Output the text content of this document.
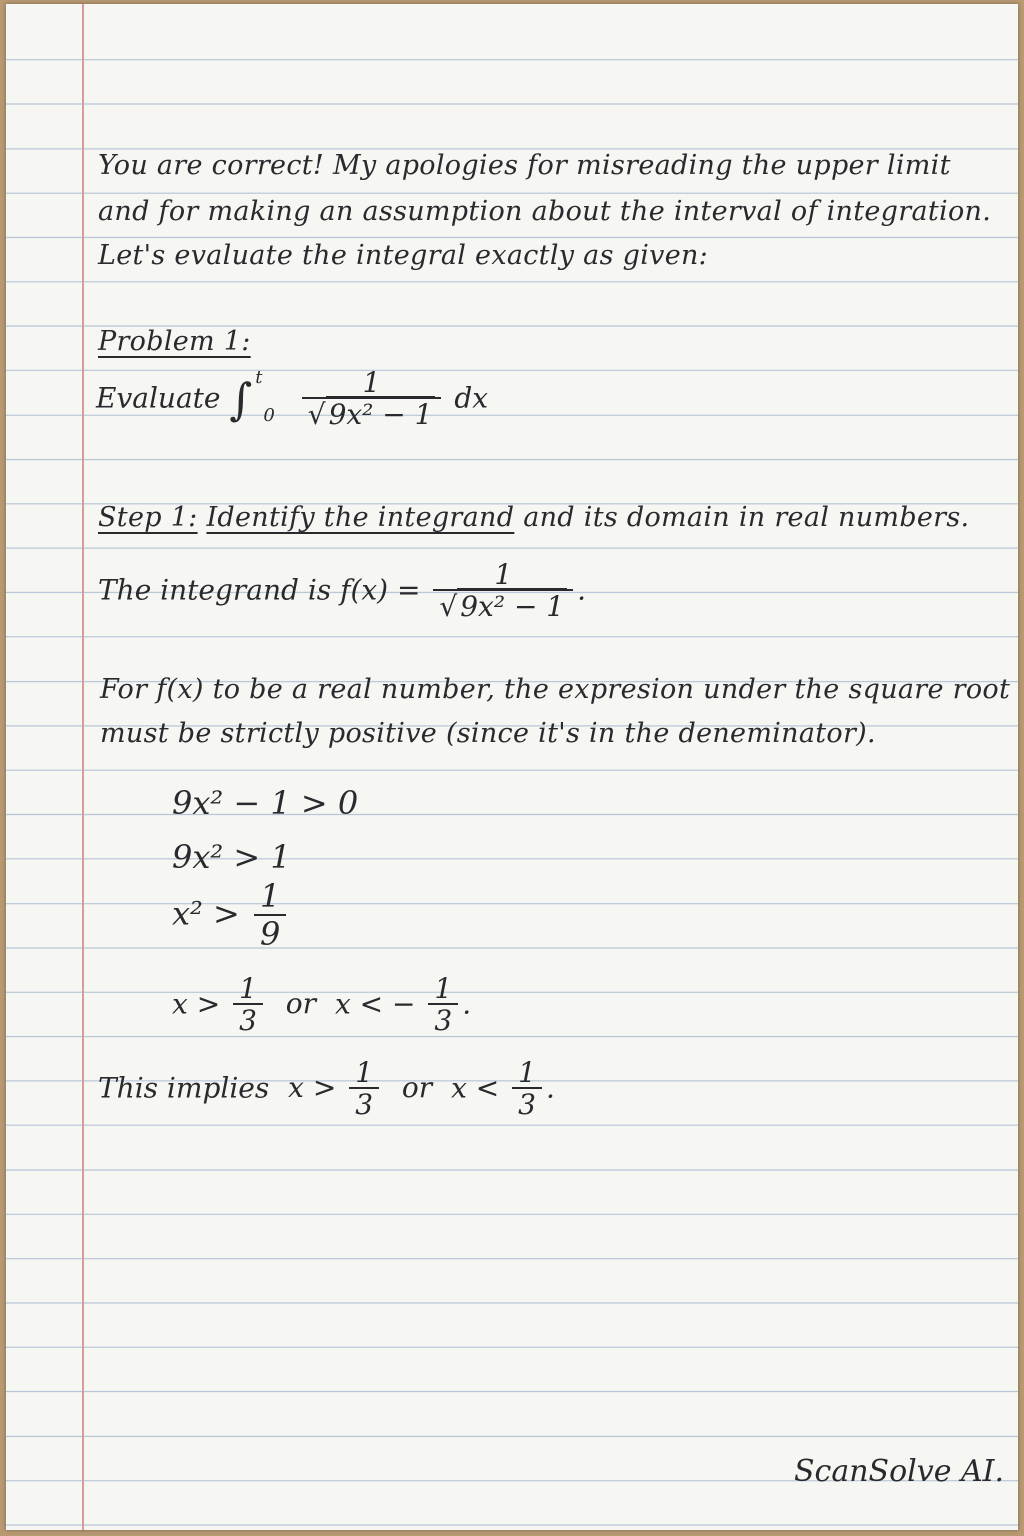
You are correct! My apologies for misreading the upper limit
and for making an assumption about the interval of integration.
Let's evaluate the integral exactly as given:
Problem 1:
Evaluate ∫ $^t$ $_0 \frac{1}{\text{√ 9x² − 1}}$ dx
Step 1: Identify the integrand and its domain in real numbers.
The integrand is $f(x) = \frac{1}{\text{√ 9x² − 1}}$ .
For f(x) to be a real number, the expresion under the square root
must be strictly positive (since it's in the deneminator).
9x² − 1 > 0
9x² > 1
$x^2 > \frac{1}{9}$
$x > \frac{1}{3}$ or x < − $\frac{1}{3}$ .
This implies $x > \frac{1}{3}$ or $x < \frac{1}{3}$ .
ScanSolve AI.
